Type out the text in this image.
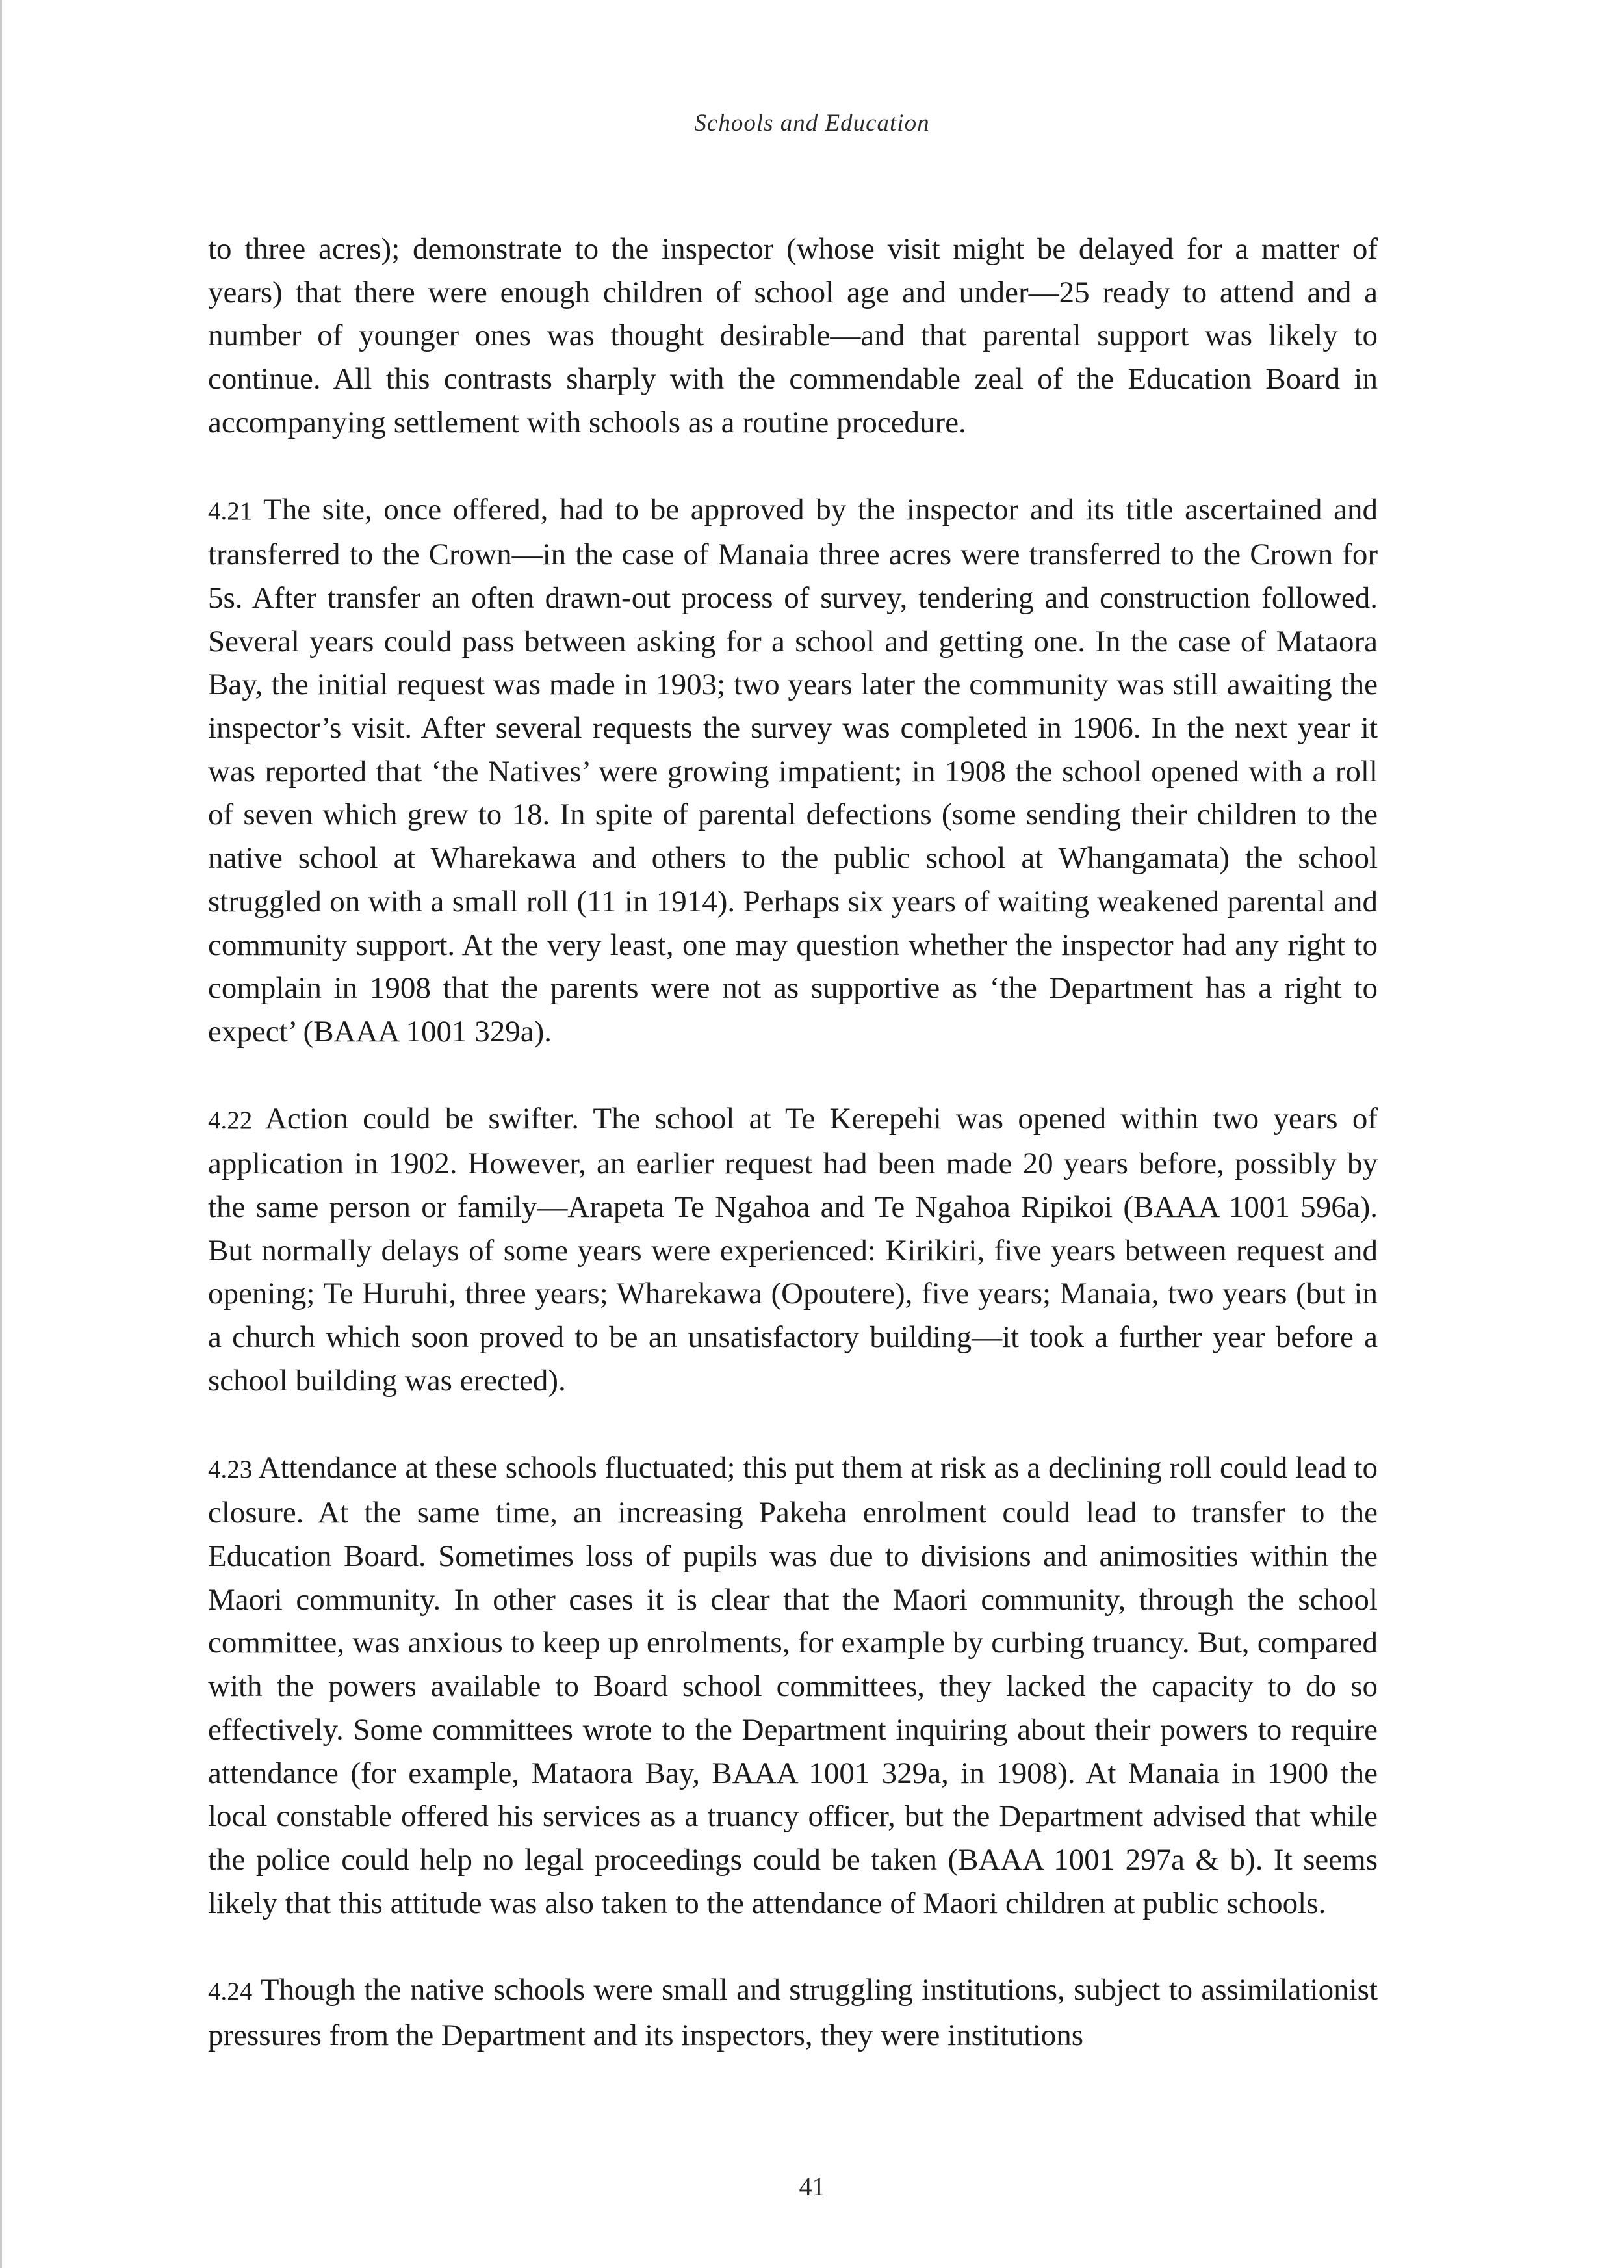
Schools and Education

to three acres); demonstrate to the inspector (whose visit might be delayed for a matter of years) that there were enough children of school age and under—25 ready to attend and a number of younger ones was thought desirable—and that parental support was likely to continue. All this contrasts sharply with the commendable zeal of the Education Board in accompanying settlement with schools as a routine procedure.

4.21 The site, once offered, had to be approved by the inspector and its title ascertained and transferred to the Crown—in the case of Manaia three acres were transferred to the Crown for 5s. After transfer an often drawn-out process of survey, tendering and construction followed. Several years could pass between asking for a school and getting one. In the case of Mataora Bay, the initial request was made in 1903; two years later the community was still awaiting the inspector’s visit. After several requests the survey was completed in 1906. In the next year it was reported that ‘the Natives’ were growing impatient; in 1908 the school opened with a roll of seven which grew to 18. In spite of parental defections (some sending their children to the native school at Wharekawa and others to the public school at Whangamata) the school struggled on with a small roll (11 in 1914). Perhaps six years of waiting weakened parental and community support. At the very least, one may question whether the inspector had any right to complain in 1908 that the parents were not as supportive as ‘the Department has a right to expect’ (BAAA 1001 329a).

4.22 Action could be swifter. The school at Te Kerepehi was opened within two years of application in 1902. However, an earlier request had been made 20 years before, possibly by the same person or family—Arapeta Te Ngahoa and Te Ngahoa Ripikoi (BAAA 1001 596a). But normally delays of some years were experienced: Kirikiri, five years between request and opening; Te Huruhi, three years; Wharekawa (Opoutere), five years; Manaia, two years (but in a church which soon proved to be an unsatisfactory building—it took a further year before a school building was erected).

4.23 Attendance at these schools fluctuated; this put them at risk as a declining roll could lead to closure. At the same time, an increasing Pakeha enrolment could lead to transfer to the Education Board. Sometimes loss of pupils was due to divisions and animosities within the Maori community. In other cases it is clear that the Maori community, through the school committee, was anxious to keep up enrolments, for example by curbing truancy. But, compared with the powers available to Board school committees, they lacked the capacity to do so effectively. Some committees wrote to the Department inquiring about their powers to require attendance (for example, Mataora Bay, BAAA 1001 329a, in 1908). At Manaia in 1900 the local constable offered his services as a truancy officer, but the Department advised that while the police could help no legal proceedings could be taken (BAAA 1001 297a & b). It seems likely that this attitude was also taken to the attendance of Maori children at public schools.

4.24 Though the native schools were small and struggling institutions, subject to assimilationist pressures from the Department and its inspectors, they were institutions

41
